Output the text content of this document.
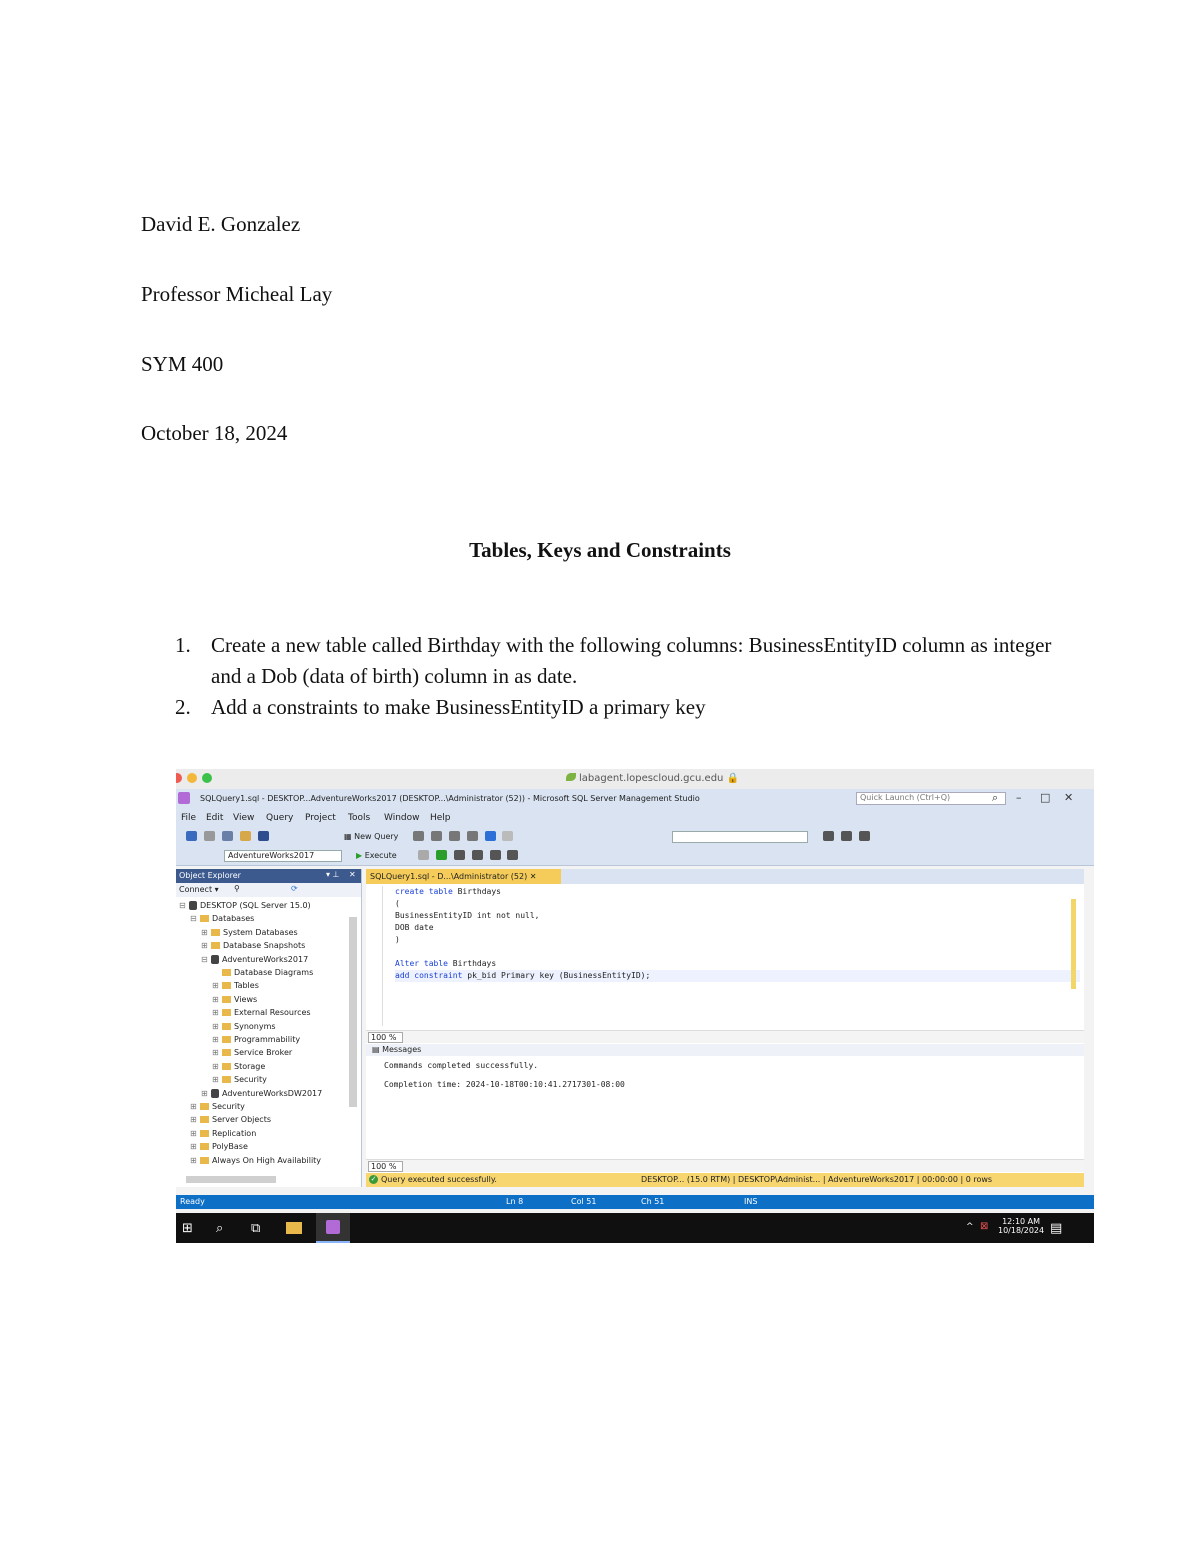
David E. Gonzalez
Professor Micheal Lay
SYM 400
October 18, 2024
Tables, Keys and Constraints
1. Create a new table called Birthday with the following columns: BusinessEntityID column as integer and a Dob (data of birth) column in as date.
2. Add a constraints to make BusinessEntityID a primary key
labagent.lopescloud.gcu.edu 🔒
SQLQuery1.sql - DESKTOP...AdventureWorks2017 (DESKTOP...\Administrator (52)) - Microsoft SQL Server Management Studio	Quick Launch (Ctrl+Q)	⌕ – □ ✕
File Edit View Query Project Tools Window Help

▦ New Query

AdventureWorks2017	▶ Execute

Object Explorer	▾ ⊥ ✕
Connect ▾ ⚲	⟳
⊟ DESKTOP (SQL Server 15.0)
⊟ Databases
⊞ System Databases
⊞ Database Snapshots
⊟ AdventureWorks2017
Database Diagrams
⊞ Tables
⊞ Views
⊞ External Resources
⊞ Synonyms
⊞ Programmability
⊞ Service Broker
⊞ Storage
⊞ Security
⊞ AdventureWorksDW2017
⊞ Security
⊞ Server Objects
⊞ Replication
⊞ PolyBase
⊞ Always On High Availability
SQLQuery1.sql - D...\Administrator (52) ✕
create table Birthdays
(
BusinessEntityID int not null,
DOB date
)
Alter table Birthdays
add constraint pk_bid Primary key (BusinessEntityID);
100 %
▤ Messages
Commands completed successfully.
Completion time: 2024-10-18T00:10:41.2717301-08:00
100 %
✓ Query executed successfully.	DESKTOP... (15.0 RTM) | DESKTOP\Administ... | AdventureWorks2017 | 00:00:00 | 0 rows
Ready	Ln 8	Col 51	Ch 51	INS
⊞ ⌕ ⧉	^ ⊠	12:10 AM
10/18/2024 ▤
